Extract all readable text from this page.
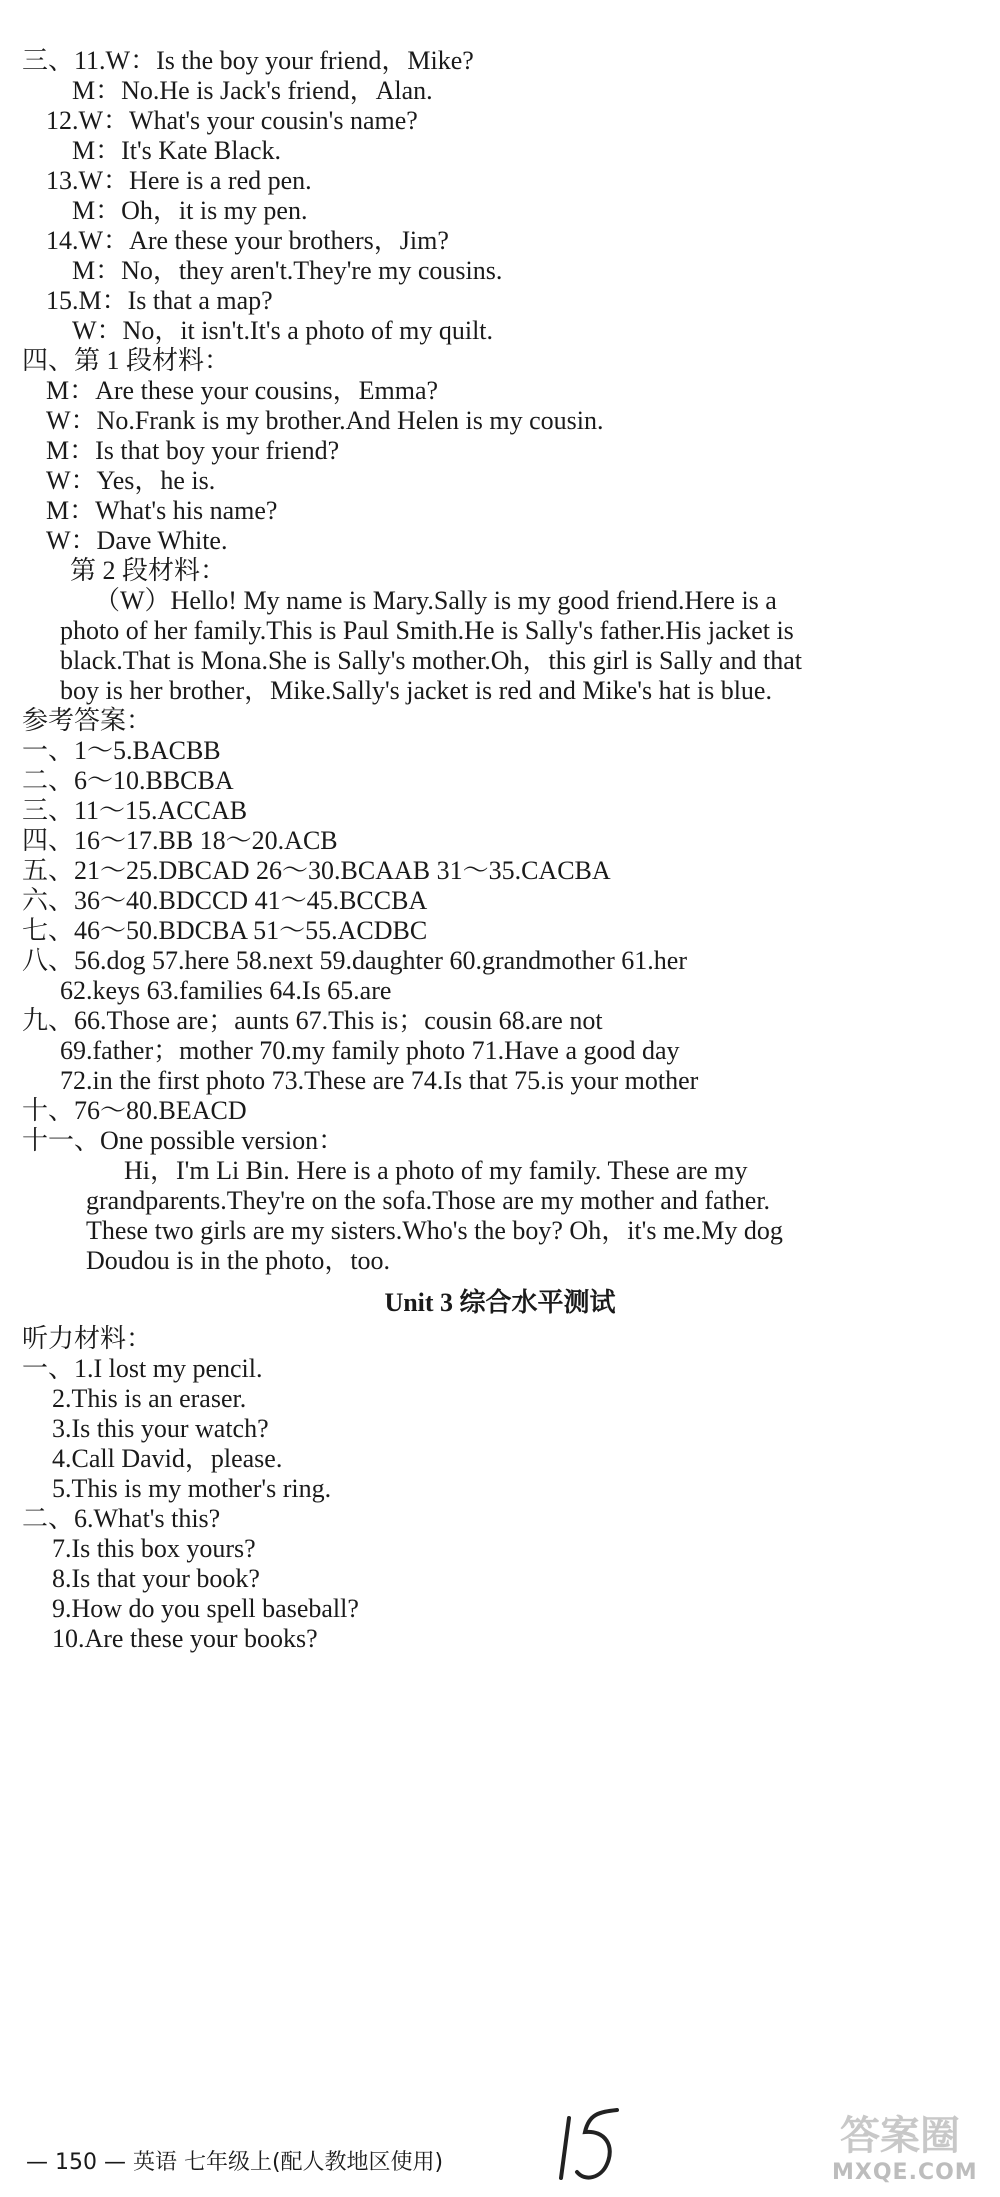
三、11.W：Is the boy your friend，Mike?
M：No.He is Jack's friend，Alan.
12.W：What's your cousin's name?
M：It's Kate Black.
13.W：Here is a red pen.
M：Oh，it is my pen.
14.W：Are these your brothers，Jim?
M：No，they aren't.They're my cousins.
15.M：Is that a map?
W：No，it isn't.It's a photo of my quilt.
四、第 1 段材料：
M：Are these your cousins，Emma?
W：No.Frank is my brother.And Helen is my cousin.
M：Is that boy your friend?
W：Yes，he is.
M：What's his name?
W：Dave White.
第 2 段材料：
（W）Hello! My name is Mary.Sally is my good friend.Here is a
photo of her family.This is Paul Smith.He is Sally's father.His jacket is
black.That is Mona.She is Sally's mother.Oh，this girl is Sally and that
boy is her brother，Mike.Sally's jacket is red and Mike's hat is blue.
参考答案：
一、1～5.BACBB
二、6～10.BBCBA
三、11～15.ACCAB
四、16～17.BB 18～20.ACB
五、21～25.DBCAD 26～30.BCAAB 31～35.CACBA
六、36～40.BDCCD 41～45.BCCBA
七、46～50.BDCBA 51～55.ACDBC
八、56.dog 57.here 58.next 59.daughter 60.grandmother 61.her
62.keys 63.families 64.Is 65.are
九、66.Those are；aunts 67.This is；cousin 68.are not
69.father；mother 70.my family photo 71.Have a good day
72.in the first photo 73.These are 74.Is that 75.is your mother
十、76～80.BEACD
十一、One possible version：
Hi，I'm Li Bin. Here is a photo of my family. These are my
grandparents.They're on the sofa.Those are my mother and father.
These two girls are my sisters.Who's the boy? Oh，it's me.My dog
Doudou is in the photo，too.
Unit 3 综合水平测试
听力材料：
一、1.I lost my pencil.
2.This is an eraser.
3.Is this your watch?
4.Call David，please.
5.This is my mother's ring.
二、6.What's this?
7.Is this box yours?
8.Is that your book?
9.How do you spell baseball?
10.Are these your books?
— 150 — 英语 七年级上(配人教地区使用)
答案圈
MXQE.COM
